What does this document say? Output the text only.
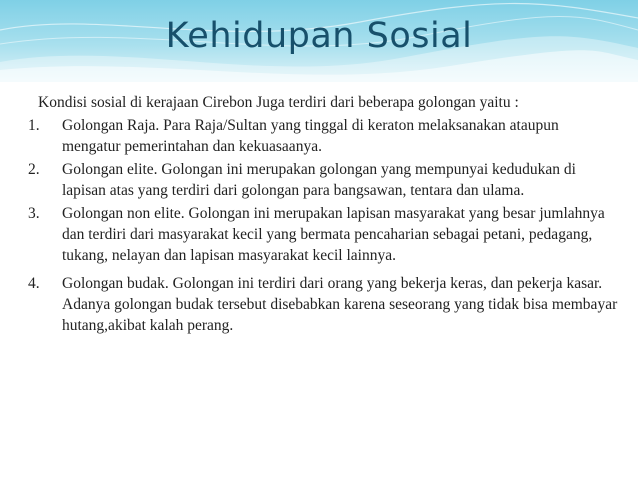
Kehidupan Sosial

Kondisi sosial di kerajaan Cirebon Juga terdiri dari beberapa golongan yaitu :

1.	Golongan Raja. Para Raja/Sultan yang tinggal di keraton melaksanakan ataupun mengatur pemerintahan dan kekuasaanya.
2.	Golongan elite. Golongan ini merupakan golongan yang mempunyai kedudukan di lapisan atas yang terdiri dari golongan para bangsawan, tentara dan ulama.
3.	Golongan non elite. Golongan ini merupakan lapisan masyarakat yang besar jumlahnya dan terdiri dari masyarakat kecil yang bermata pencaharian sebagai petani, pedagang, tukang, nelayan dan lapisan masyarakat kecil lainnya.
4.	Golongan budak. Golongan ini terdiri dari orang yang bekerja keras, dan pekerja kasar. Adanya golongan budak tersebut disebabkan karena seseorang yang tidak bisa membayar hutang,akibat kalah perang.
